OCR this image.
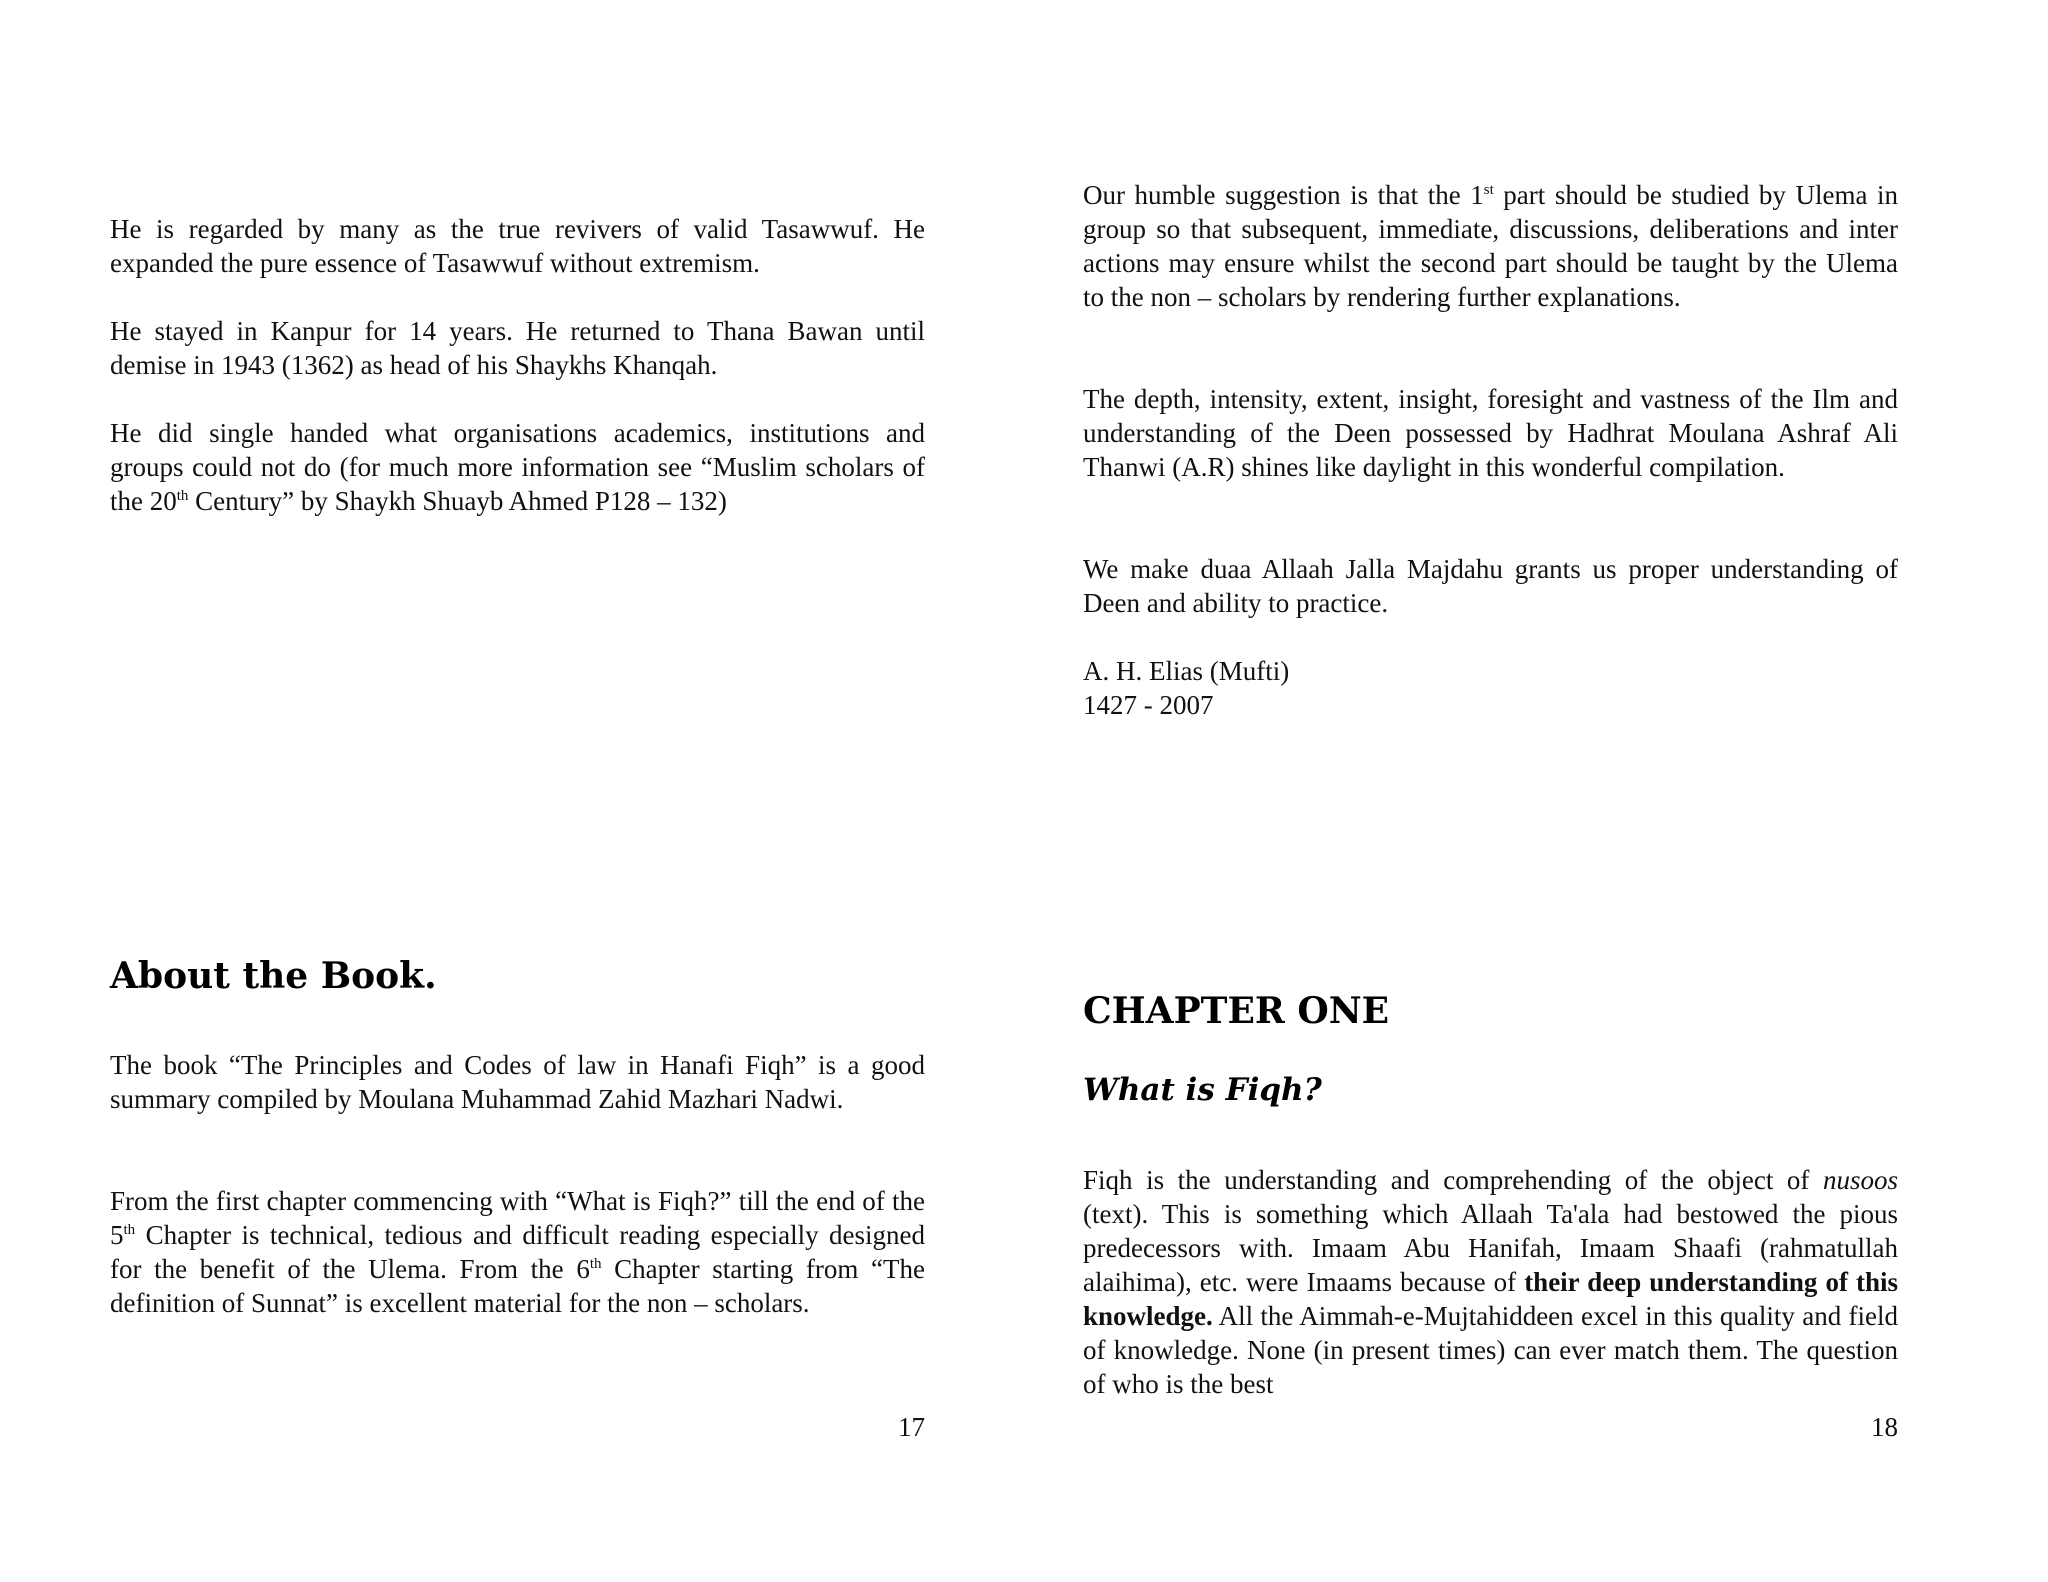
He is regarded by many as the true revivers of valid Tasawwuf. He expanded the pure essence of Tasawwuf without extremism.

He stayed in Kanpur for 14 years. He returned to Thana Bawan until demise in 1943 (1362) as head of his Shaykhs Khanqah.

He did single handed what organisations academics, institutions and groups could not do (for much more information see “Muslim scholars of the 20th Century” by Shaykh Shuayb Ahmed P128 – 132)

About the Book.

The book “The Principles and Codes of law in Hanafi Fiqh” is a good summary compiled by Moulana Muhammad Zahid Mazhari Nadwi.

From the first chapter commencing with “What is Fiqh?” till the end of the 5th Chapter is technical, tedious and difficult reading especially designed for the benefit of the Ulema. From the 6th Chapter starting from “The definition of Sunnat” is excellent material for the non – scholars.

17

Our humble suggestion is that the 1st part should be studied by Ulema in group so that subsequent, immediate, discussions, deliberations and inter actions may ensure whilst the second part should be taught by the Ulema to the non – scholars by rendering further explanations.

The depth, intensity, extent, insight, foresight and vastness of the Ilm and understanding of the Deen possessed by Hadhrat Moulana Ashraf Ali Thanwi (A.R) shines like daylight in this wonderful compilation.

We make duaa Allaah Jalla Majdahu grants us proper understanding of Deen and ability to practice.

A. H. Elias (Mufti)
1427 - 2007
CHAPTER ONE
What is Fiqh?

Fiqh is the understanding and comprehending of the object of nusoos (text). This is something which Allaah Ta'ala had bestowed the pious predecessors with. Imaam Abu Hanifah, Imaam Shaafi (rahmatullah alaihima), etc. were Imaams because of their deep understanding of this knowledge. All the Aimmah-e-Mujtahiddeen excel in this quality and field of knowledge. None (in present times) can ever match them. The question of who is the best

18
